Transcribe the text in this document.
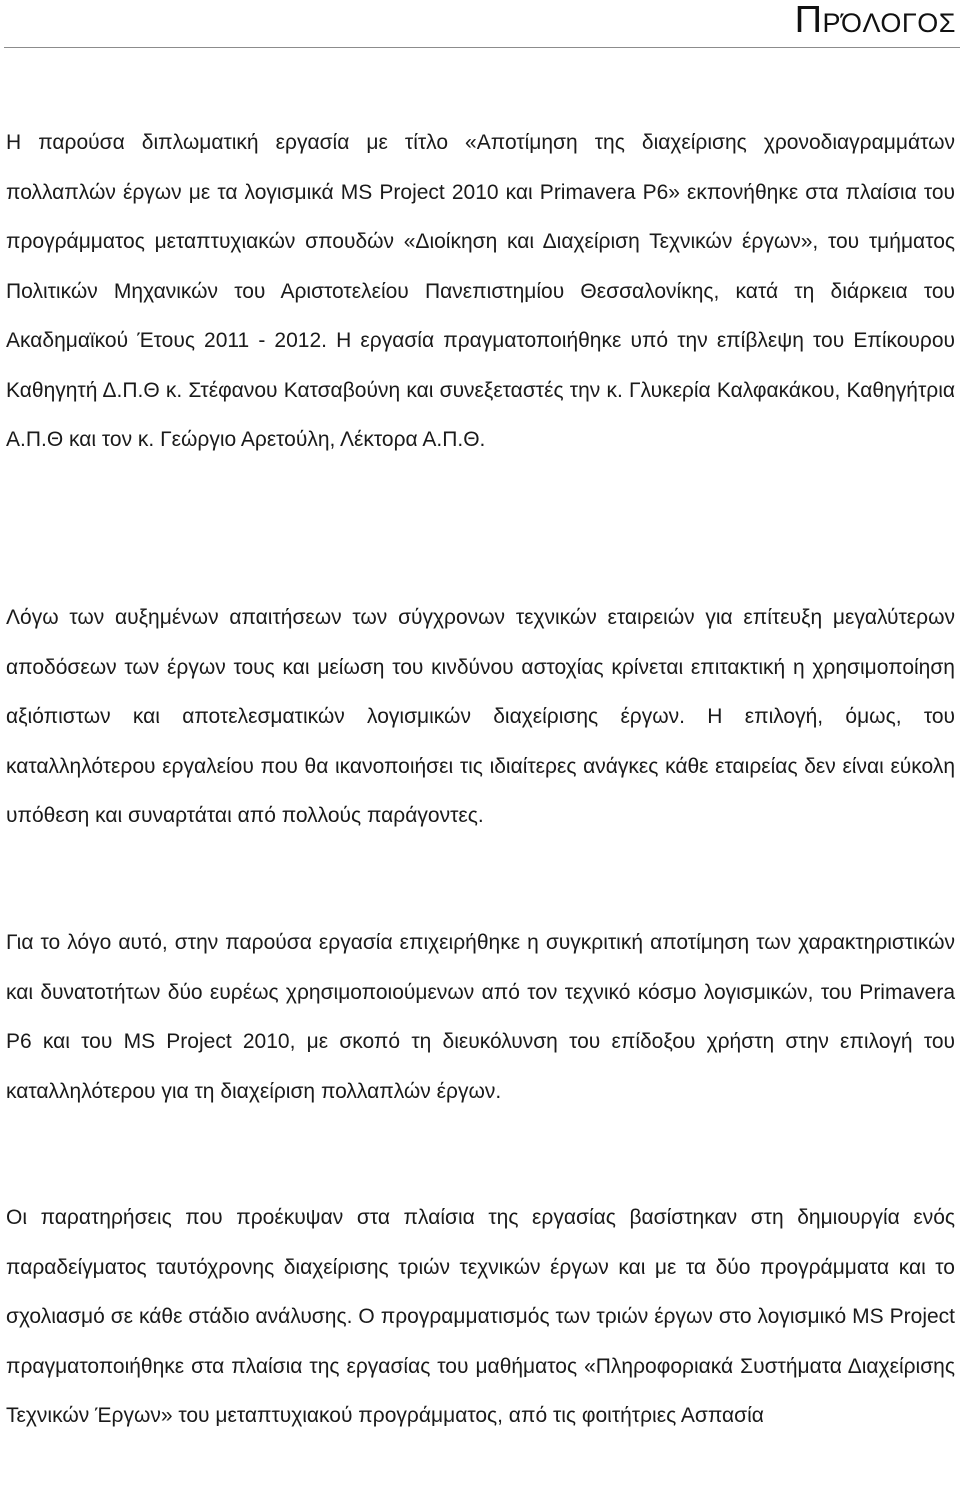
Πρόλογος

Η παρούσα διπλωματική εργασία με τίτλο «Αποτίμηση της διαχείρισης χρονοδιαγραμμάτων πολλαπλών έργων με τα λογισμικά MS Project 2010 και Primavera P6» εκπονήθηκε στα πλαίσια του προγράμματος μεταπτυχιακών σπουδών «Διοίκηση και Διαχείριση Τεχνικών έργων», του τμήματος Πολιτικών Μηχανικών του Αριστοτελείου Πανεπιστημίου Θεσσαλονίκης, κατά τη διάρκεια του Ακαδημαϊκού Έτους 2011 - 2012. Η εργασία πραγματοποιήθηκε υπό την επίβλεψη του Επίκουρου Καθηγητή Δ.Π.Θ κ. Στέφανου Κατσαβούνη και συνεξεταστές την κ. Γλυκερία Καλφακάκου, Καθηγήτρια Α.Π.Θ και τον κ. Γεώργιο Αρετούλη, Λέκτορα Α.Π.Θ.

Λόγω των αυξημένων απαιτήσεων των σύγχρονων τεχνικών εταιρειών για επίτευξη μεγαλύτερων αποδόσεων των έργων τους και μείωση του κινδύνου αστοχίας κρίνεται επιτακτική η χρησιμοποίηση αξιόπιστων και αποτελεσματικών λογισμικών διαχείρισης έργων. Η επιλογή, όμως, του καταλληλότερου εργαλείου που θα ικανοποιήσει τις ιδιαίτερες ανάγκες κάθε εταιρείας δεν είναι εύκολη υπόθεση και συναρτάται από πολλούς παράγοντες.

Για το λόγο αυτό, στην παρούσα εργασία επιχειρήθηκε η συγκριτική αποτίμηση των χαρακτηριστικών και δυνατοτήτων δύο ευρέως χρησιμοποιούμενων από τον τεχνικό κόσμο λογισμικών, του Primavera P6 και του MS Project 2010, με σκοπό τη διευκόλυνση του επίδοξου χρήστη στην επιλογή του καταλληλότερου για τη διαχείριση πολλαπλών έργων.

Οι παρατηρήσεις που προέκυψαν στα πλαίσια της εργασίας βασίστηκαν στη δημιουργία ενός παραδείγματος ταυτόχρονης διαχείρισης τριών τεχνικών έργων και με τα δύο προγράμματα και το σχολιασμό σε κάθε στάδιο ανάλυσης. Ο προγραμματισμός των τριών έργων στο λογισμικό MS Project πραγματοποιήθηκε στα πλαίσια της εργασίας του μαθήματος «Πληροφοριακά Συστήματα Διαχείρισης Τεχνικών Έργων» του μεταπτυχιακού προγράμματος, από τις φοιτήτριες Ασπασία
